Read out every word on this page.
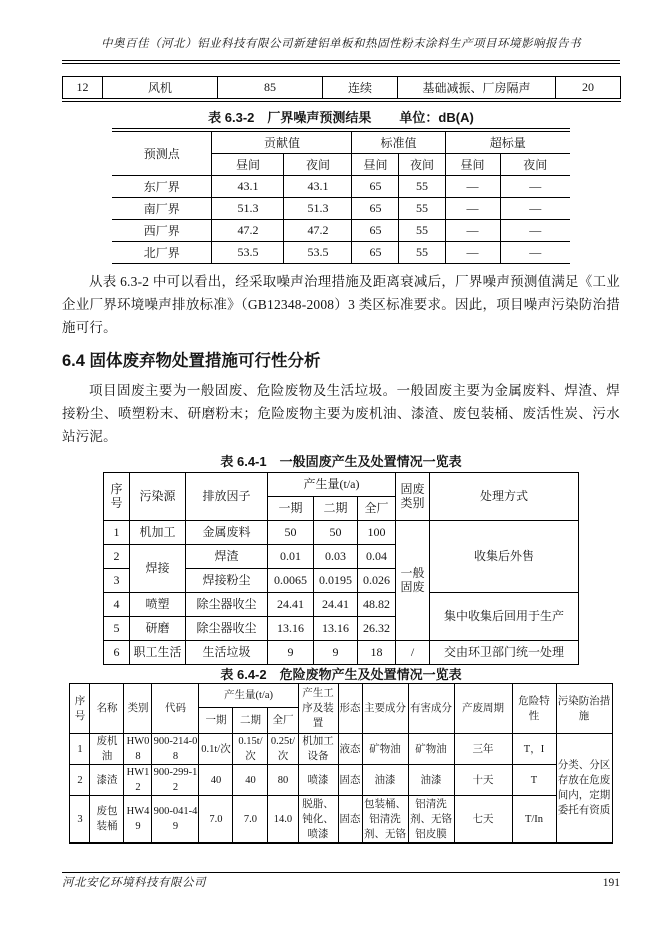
中奥百佳（河北）铝业科技有限公司新建铝单板和热固性粉末涂料生产项目环境影响报告书
12	风机	85	连续	基础减振、厂房隔声	20
表 6.3-2　厂界噪声预测结果 单位：dB(A)
预测点	贡献值		标准值		超标量	
	昼间	夜间	昼间	夜间	昼间	夜间
东厂界	43.1	43.1	65	55	—	—
南厂界	51.3	51.3	65	55	—	—
西厂界	47.2	47.2	65	55	—	—
北厂界	53.5	53.5	65	55	—	—
从表 6.3-2 中可以看出，经采取噪声治理措施及距离衰减后，厂界噪声预测值满足《工业企业厂界环境噪声排放标准》（GB12348-2008）3 类区标准要求。因此，项目噪声污染防治措施可行。
6.4 固体废弃物处置措施可行性分析
项目固废主要为一般固废、危险废物及生活垃圾。一般固废主要为金属废料、焊渣、焊接粉尘、喷塑粉末、研磨粉末；危险废物主要为废机油、漆渣、废包装桶、废活性炭、污水站污泥。
表 6.4-1　一般固废产生及处置情况一览表
序号	污染源	排放因子	产生量(t/a)			固废类别	处理方式
			一期	二期	全厂		
1	机加工	金属废料	50	50	100	一般固废	收集后外售
2	焊接	焊渣	0.01	0.03	0.04		
3		焊接粉尘	0.0065	0.0195	0.026		
4	喷塑	除尘器收尘	24.41	24.41	48.82		集中收集后回用于生产
5	研磨	除尘器收尘	13.16	13.16	26.32		
6	职工生活	生活垃圾	9	9	18	/	交由环卫部门统一处理
表 6.4-2　危险废物产生及处置情况一览表
序号	名称	类别	代码	产生量(t/a)			产生工序及装置	形态	主要成分	有害成分	产废周期	危险特性	污染防治措施
				一期	二期	全厂							
1	废机油	HW08	900-214-08	0.1t/次	0.15t/次	0.25t/次	机加工设备	液态	矿物油	矿物油	三年	T，I	分类、分区存放在危废间内，定期委托有资质
2	漆渣	HW12	900-299-12	40	40	80	喷漆	固态	油漆	油漆	十天	T	
3	废包装桶	HW49	900-041-49	7.0	7.0	14.0	脱脂、钝化、喷漆	固态	包装桶、铝清洗剂、无铬	铝清洗剂、无铬铝皮膜	七天	T/In	
河北安亿环境科技有限公司	191
